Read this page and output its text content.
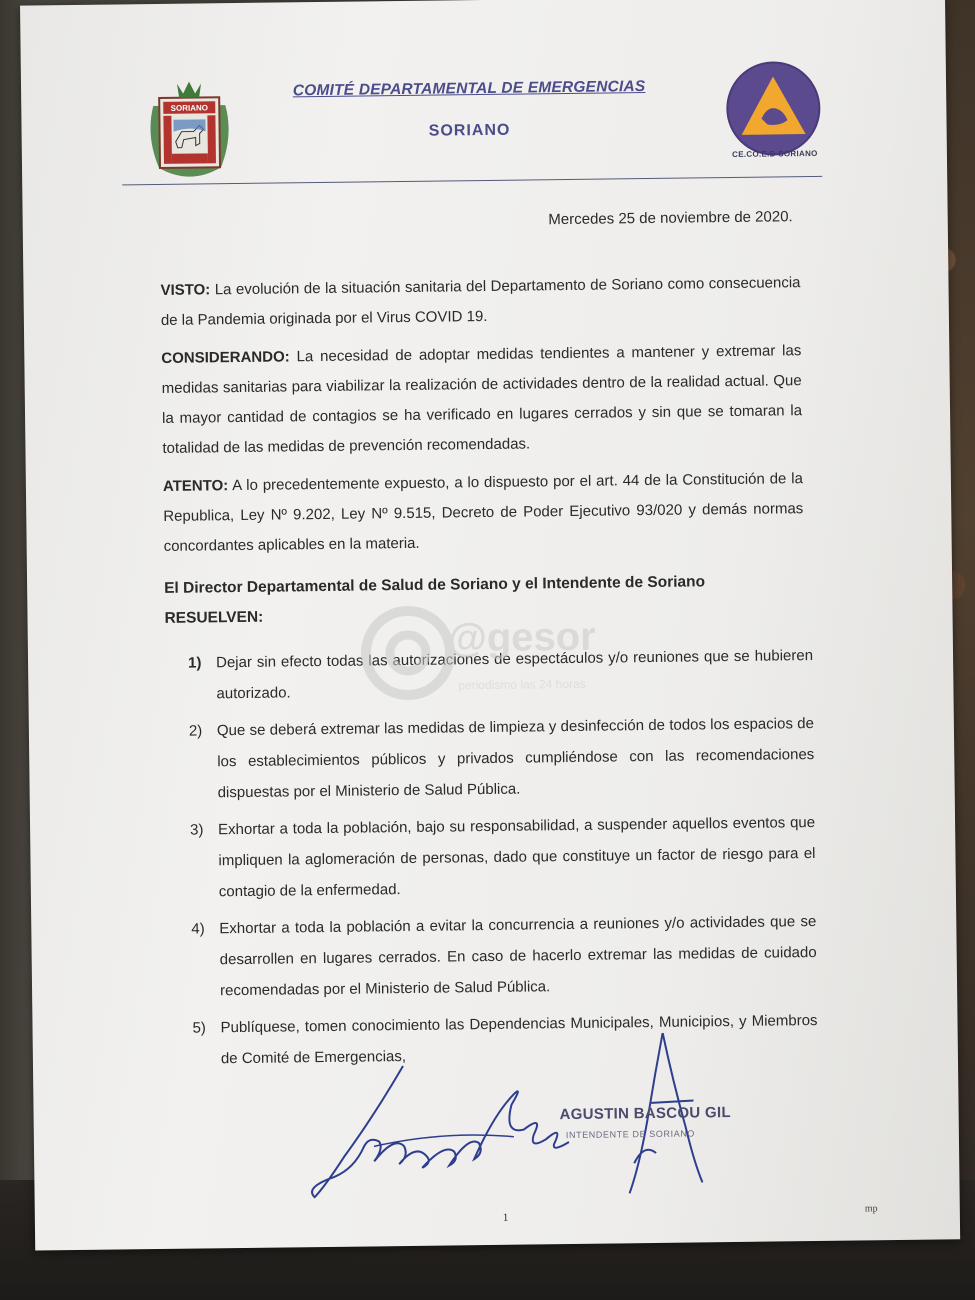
SORIANO
CE.CO.E.D SORIANO
COMITÉ DEPARTAMENTAL DE EMERGENCIAS
SORIANO
Mercedes 25 de noviembre de 2020.
VISTO: La evolución de la situación sanitaria del Departamento de Soriano como consecuencia de la Pandemia originada por el Virus COVID 19.
CONSIDERANDO: La necesidad de adoptar medidas tendientes a mantener y extremar las medidas sanitarias para viabilizar la realización de actividades dentro de la realidad actual. Que la mayor cantidad de contagios se ha verificado en lugares cerrados y sin que se tomaran la totalidad de las medidas de prevención recomendadas.
ATENTO: A lo precedentemente expuesto, a lo dispuesto por el art. 44 de la Constitución de la Republica, Ley Nº 9.202, Ley Nº 9.515, Decreto de Poder Ejecutivo 93/020 y demás normas concordantes aplicables en la materia.
El Director Departamental de Salud de Soriano y el Intendente de Soriano
RESUELVEN:
1) Dejar sin efecto todas las autorizaciones de espectáculos y/o reuniones que se hubieren autorizado.
2) Que se deberá extremar las medidas de limpieza y desinfección de todos los espacios de los establecimientos públicos y privados cumpliéndose con las recomendaciones dispuestas por el Ministerio de Salud Pública.
3) Exhortar a toda la población, bajo su responsabilidad, a suspender aquellos eventos que impliquen la aglomeración de personas, dado que constituye un factor de riesgo para el contagio de la enfermedad.
4) Exhortar a toda la población a evitar la concurrencia a reuniones y/o actividades que se desarrollen en lugares cerrados. En caso de hacerlo extremar las medidas de cuidado recomendadas por el Ministerio de Salud Pública.
5) Publíquese, tomen conocimiento las Dependencias Municipales, Municipios, y Miembros de Comité de Emergencias,
@gesor
periodismo las 24 horas
AGUSTIN BASCOU GIL
INTENDENTE DE SORIANO
1
mp
